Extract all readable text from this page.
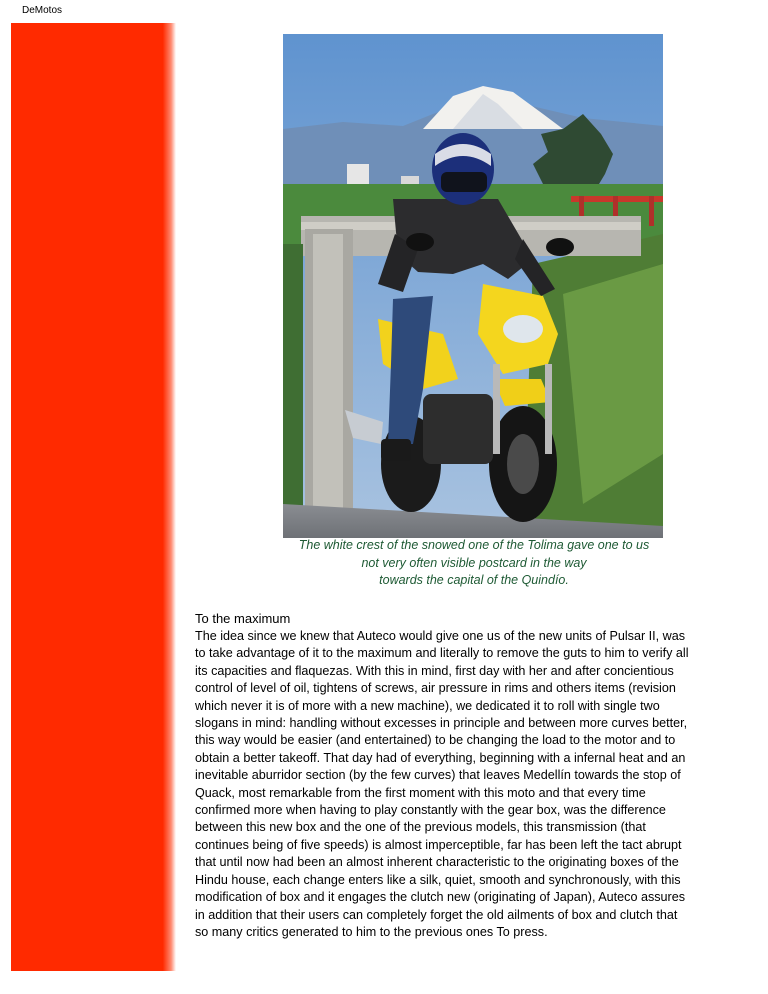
DeMotos
The white crest of the snowed one of the Tolima gave one to us
not very often visible postcard in the way
towards the capital of the Quindío.
To the maximum
The idea since we knew that Auteco would give one us of the new units of Pulsar II, was
to take advantage of it to the maximum and literally to remove the guts to him to verify all
its capacities and flaquezas. With this in mind, first day with her and after concientious
control of level of oil, tightens of screws, air pressure in rims and others items (revision
which never it is of more with a new machine), we dedicated it to roll with single two
slogans in mind: handling without excesses in principle and between more curves better,
this way would be easier (and entertained) to be changing the load to the motor and to
obtain a better takeoff. That day had of everything, beginning with a infernal heat and an
inevitable aburridor section (by the few curves) that leaves Medellín towards the stop of
Quack, most remarkable from the first moment with this moto and that every time
confirmed more when having to play constantly with the gear box, was the difference
between this new box and the one of the previous models, this transmission (that
continues being of five speeds) is almost imperceptible, far has been left the tact abrupt
that until now had been an almost inherent characteristic to the originating boxes of the
Hindu house, each change enters like a silk, quiet, smooth and synchronously, with this
modification of box and it engages the clutch new (originating of Japan), Auteco assures
in addition that their users can completely forget the old ailments of box and clutch that
so many critics generated to him to the previous ones To press.
